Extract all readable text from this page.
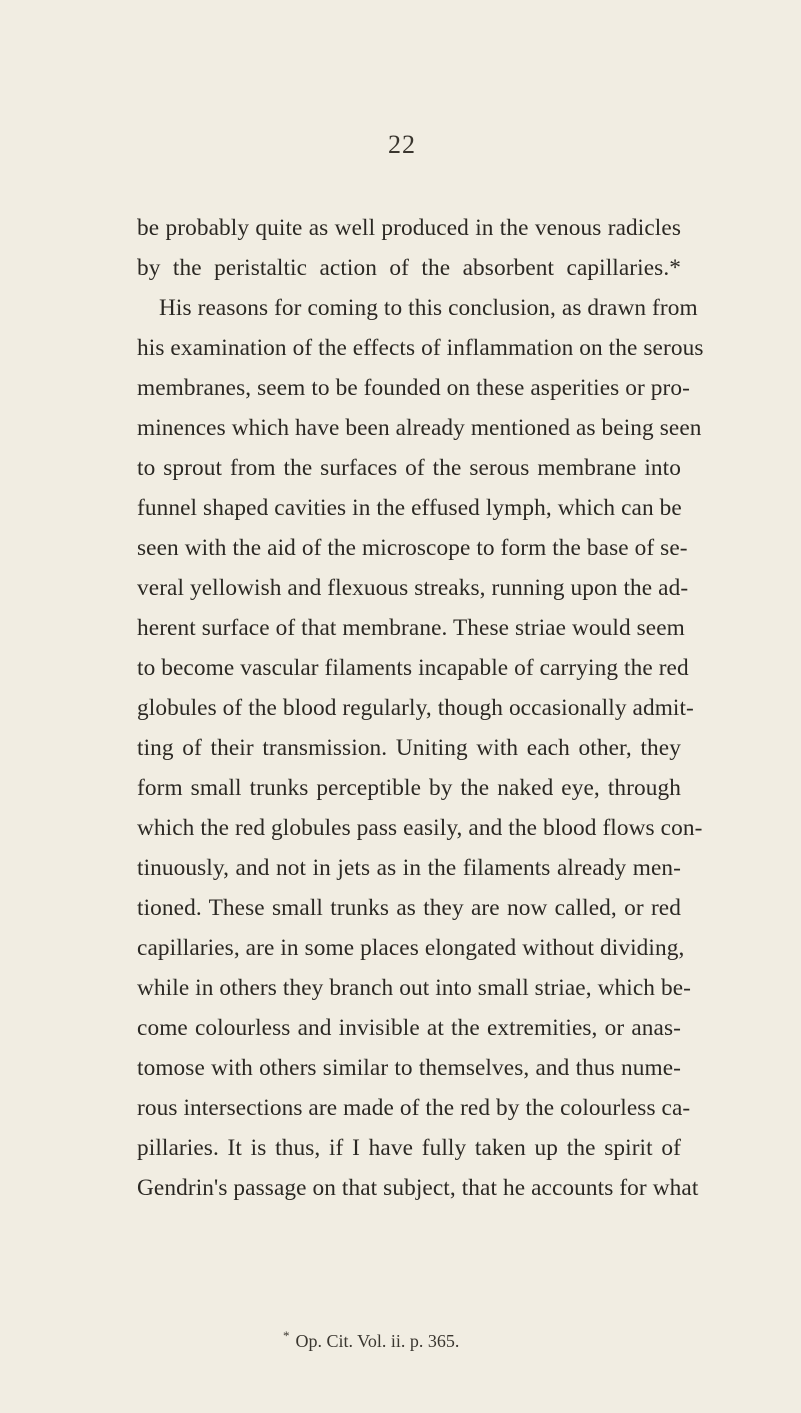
22
be probably quite as well produced in the venous radicles
by the peristaltic action of the absorbent capillaries.*
His reasons for coming to this conclusion, as drawn from
his examination of the effects of inflammation on the serous
membranes, seem to be founded on these asperities or pro-
minences which have been already mentioned as being seen
to sprout from the surfaces of the serous membrane into
funnel shaped cavities in the effused lymph, which can be
seen with the aid of the microscope to form the base of se-
veral yellowish and flexuous streaks, running upon the ad-
herent surface of that membrane. These striae would seem
to become vascular filaments incapable of carrying the red
globules of the blood regularly, though occasionally admit-
ting of their transmission. Uniting with each other, they
form small trunks perceptible by the naked eye, through
which the red globules pass easily, and the blood flows con-
tinuously, and not in jets as in the filaments already men-
tioned. These small trunks as they are now called, or red
capillaries, are in some places elongated without dividing,
while in others they branch out into small striae, which be-
come colourless and invisible at the extremities, or anas-
tomose with others similar to themselves, and thus nume-
rous intersections are made of the red by the colourless ca-
pillaries. It is thus, if I have fully taken up the spirit of
Gendrin's passage on that subject, that he accounts for what
* Op. Cit. Vol. ii. p. 365.
